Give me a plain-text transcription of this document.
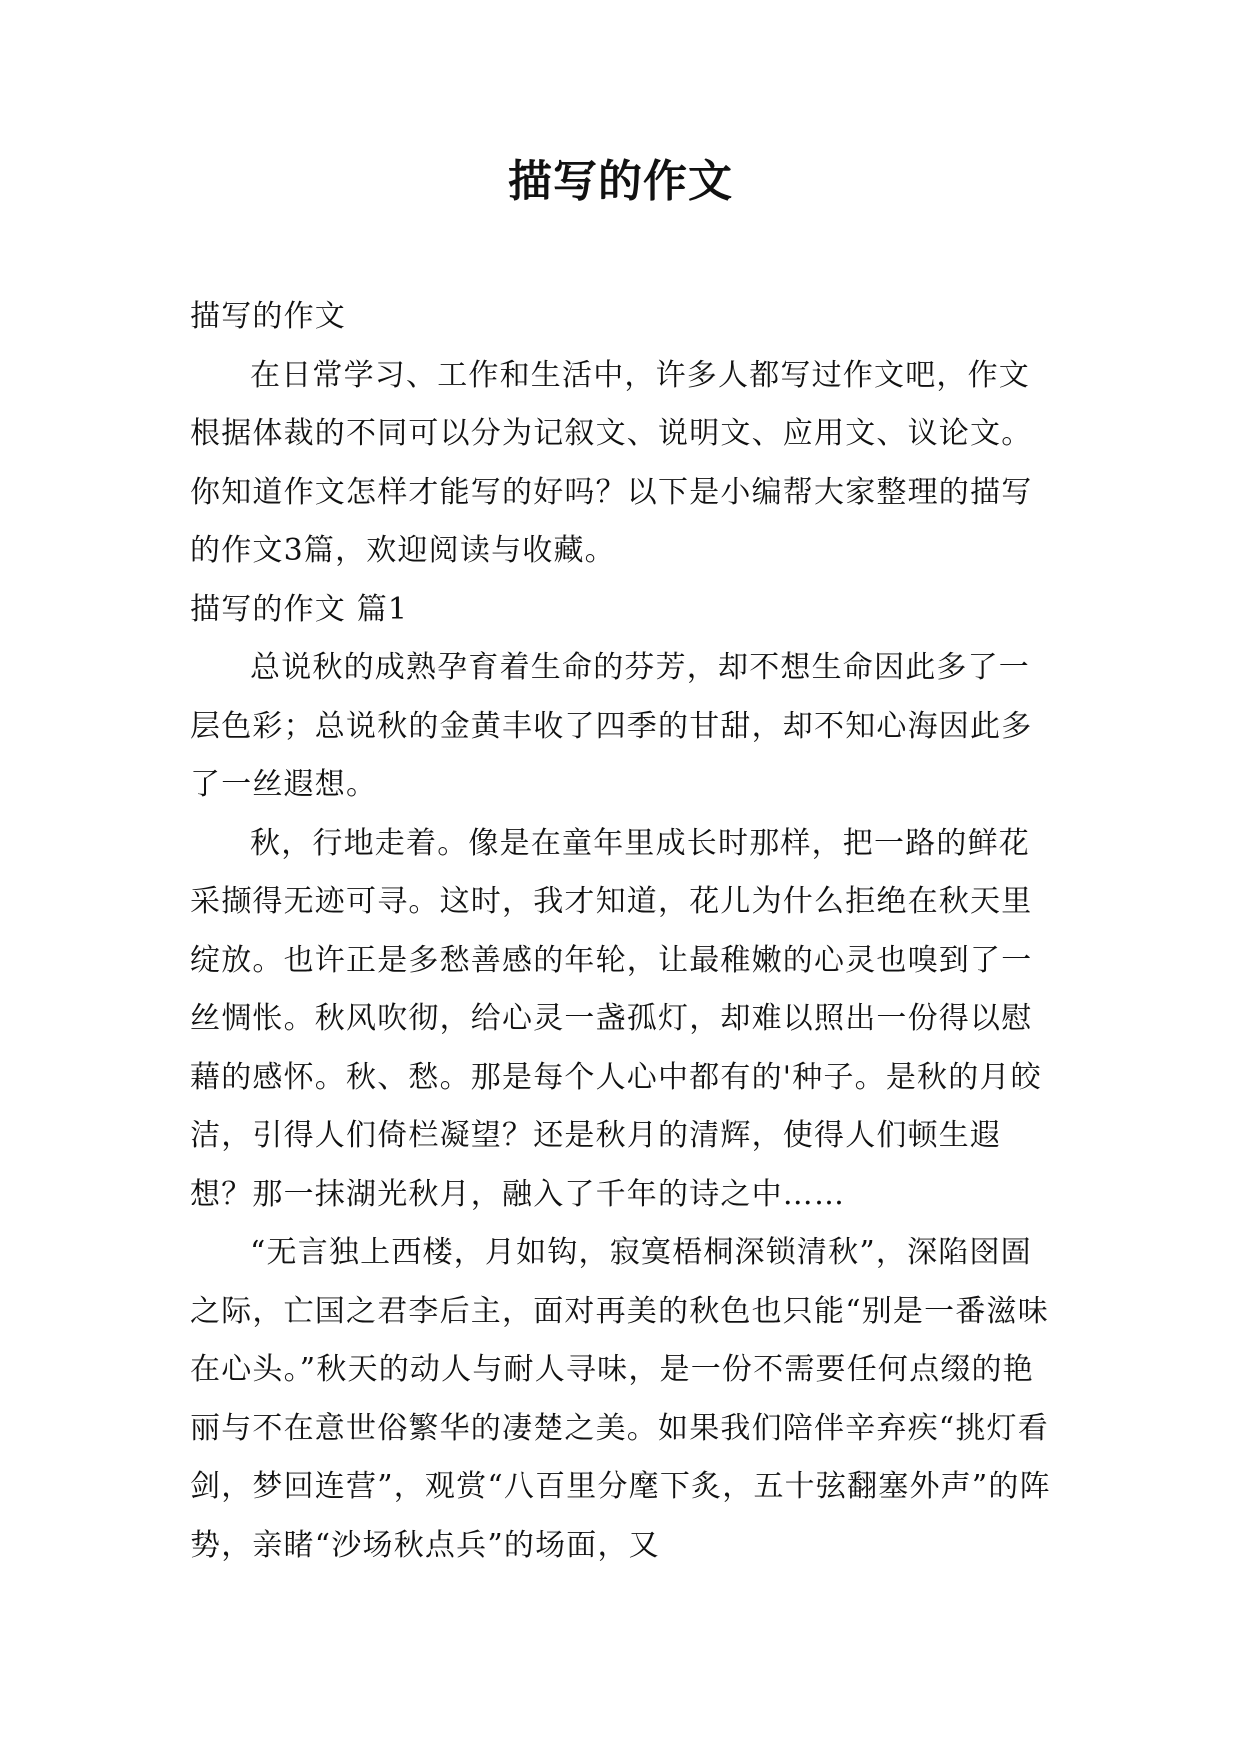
描写的作文

描写的作文

在日常学习、工作和生活中，许多人都写过作文吧，作文根据体裁的不同可以分为记叙文、说明文、应用文、议论文。你知道作文怎样才能写的好吗？以下是小编帮大家整理的描写的作文3篇，欢迎阅读与收藏。

描写的作文 篇1

总说秋的成熟孕育着生命的芬芳，却不想生命因此多了一层色彩；总说秋的金黄丰收了四季的甘甜，却不知心海因此多了一丝遐想。

秋，行地走着。像是在童年里成长时那样，把一路的鲜花采撷得无迹可寻。这时，我才知道，花儿为什么拒绝在秋天里绽放。也许正是多愁善感的年轮，让最稚嫩的心灵也嗅到了一丝惆怅。秋风吹彻，给心灵一盏孤灯，却难以照出一份得以慰藉的感怀。秋、愁。那是每个人心中都有的'种子。是秋的月皎洁，引得人们倚栏凝望？还是秋月的清辉，使得人们顿生遐想？那一抹湖光秋月，融入了千年的诗之中……

“无言独上西楼，月如钩，寂寞梧桐深锁清秋”，深陷囹圄之际，亡国之君李后主，面对再美的秋色也只能“别是一番滋味在心头。”秋天的动人与耐人寻味，是一份不需要任何点缀的艳丽与不在意世俗繁华的凄楚之美。如果我们陪伴辛弃疾“挑灯看剑，梦回连营”，观赏“八百里分麾下炙，五十弦翻塞外声”的阵势，亲睹“沙场秋点兵”的场面，又
